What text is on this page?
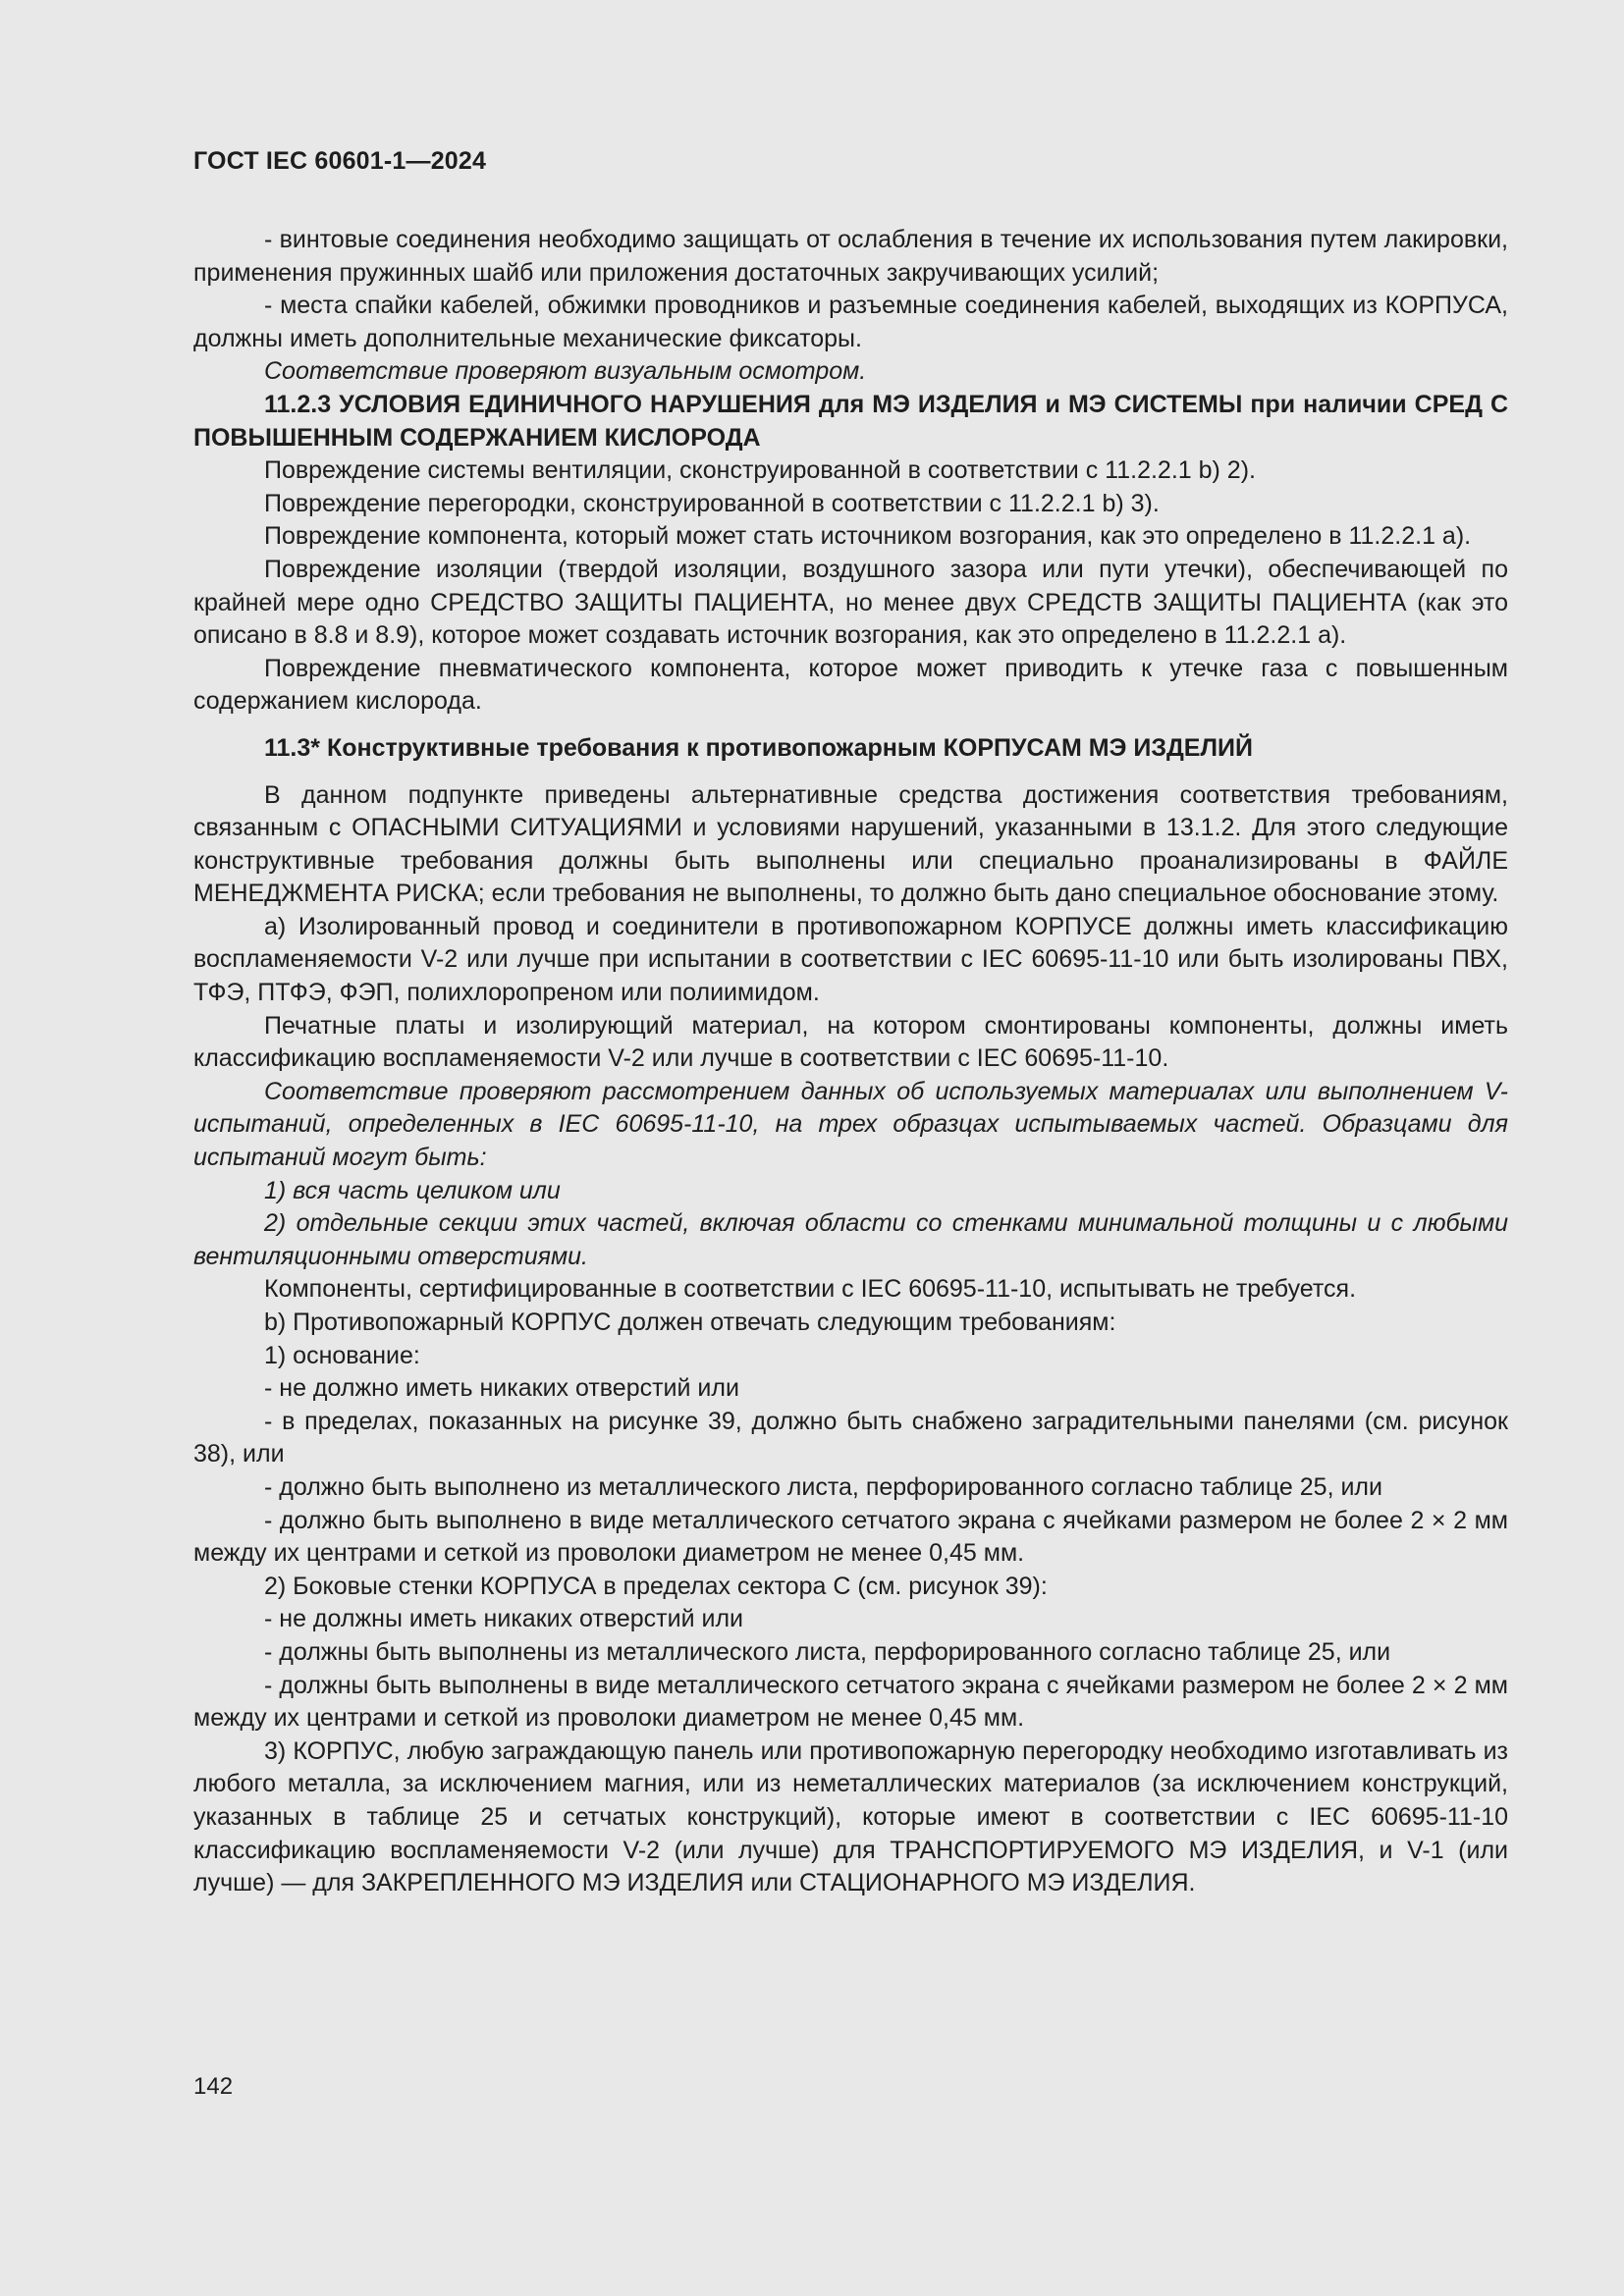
ГОСТ IEC 60601-1—2024

- винтовые соединения необходимо защищать от ослабления в течение их использования путем лакировки, применения пружинных шайб или приложения достаточных закручивающих усилий;

- места спайки кабелей, обжимки проводников и разъемные соединения кабелей, выходящих из КОРПУСА, должны иметь дополнительные механические фиксаторы.

Соответствие проверяют визуальным осмотром.

11.2.3 УСЛОВИЯ ЕДИНИЧНОГО НАРУШЕНИЯ для МЭ ИЗДЕЛИЯ и МЭ СИСТЕМЫ при наличии СРЕД С ПОВЫШЕННЫМ СОДЕРЖАНИЕМ КИСЛОРОДА

Повреждение системы вентиляции, сконструированной в соответствии с 11.2.2.1 b) 2).

Повреждение перегородки, сконструированной в соответствии с 11.2.2.1 b) 3).

Повреждение компонента, который может стать источником возгорания, как это определено в 11.2.2.1 a).

Повреждение изоляции (твердой изоляции, воздушного зазора или пути утечки), обеспечивающей по крайней мере одно СРЕДСТВО ЗАЩИТЫ ПАЦИЕНТА, но менее двух СРЕДСТВ ЗАЩИТЫ ПАЦИЕНТА (как это описано в 8.8 и 8.9), которое может создавать источник возгорания, как это определено в 11.2.2.1 a).

Повреждение пневматического компонента, которое может приводить к утечке газа с повышенным содержанием кислорода.

11.3* Конструктивные требования к противопожарным КОРПУСАМ МЭ ИЗДЕЛИЙ

В данном подпункте приведены альтернативные средства достижения соответствия требованиям, связанным с ОПАСНЫМИ СИТУАЦИЯМИ и условиями нарушений, указанными в 13.1.2. Для этого следующие конструктивные требования должны быть выполнены или специально проанализированы в ФАЙЛЕ МЕНЕДЖМЕНТА РИСКА; если требования не выполнены, то должно быть дано специальное обоснование этому.

a) Изолированный провод и соединители в противопожарном КОРПУСЕ должны иметь классификацию воспламеняемости V-2 или лучше при испытании в соответствии с IEC 60695-11-10 или быть изолированы ПВХ, ТФЭ, ПТФЭ, ФЭП, полихлоропреном или полиимидом.

Печатные платы и изолирующий материал, на котором смонтированы компоненты, должны иметь классификацию воспламеняемости V-2 или лучше в соответствии с IEC 60695-11-10.

Соответствие проверяют рассмотрением данных об используемых материалах или выполнением V-испытаний, определенных в IEC 60695-11-10, на трех образцах испытываемых частей. Образцами для испытаний могут быть:

1) вся часть целиком или

2) отдельные секции этих частей, включая области со стенками минимальной толщины и с любыми вентиляционными отверстиями.

Компоненты, сертифицированные в соответствии с IEC 60695-11-10, испытывать не требуется.

b) Противопожарный КОРПУС должен отвечать следующим требованиям:

1) основание:

- не должно иметь никаких отверстий или

- в пределах, показанных на рисунке 39, должно быть снабжено заградительными панелями (см. рисунок 38), или

- должно быть выполнено из металлического листа, перфорированного согласно таблице 25, или

- должно быть выполнено в виде металлического сетчатого экрана с ячейками размером не более 2 × 2 мм между их центрами и сеткой из проволоки диаметром не менее 0,45 мм.

2) Боковые стенки КОРПУСА в пределах сектора С (см. рисунок 39):

- не должны иметь никаких отверстий или

- должны быть выполнены из металлического листа, перфорированного согласно таблице 25, или

- должны быть выполнены в виде металлического сетчатого экрана с ячейками размером не более 2 × 2 мм между их центрами и сеткой из проволоки диаметром не менее 0,45 мм.

3) КОРПУС, любую заграждающую панель или противопожарную перегородку необходимо изготавливать из любого металла, за исключением магния, или из неметаллических материалов (за исключением конструкций, указанных в таблице 25 и сетчатых конструкций), которые имеют в соответствии с IEC 60695-11-10 классификацию воспламеняемости V-2 (или лучше) для ТРАНСПОРТИРУЕМОГО МЭ ИЗДЕЛИЯ, и V-1 (или лучше) — для ЗАКРЕПЛЕННОГО МЭ ИЗДЕЛИЯ или СТАЦИОНАРНОГО МЭ ИЗДЕЛИЯ.

142
